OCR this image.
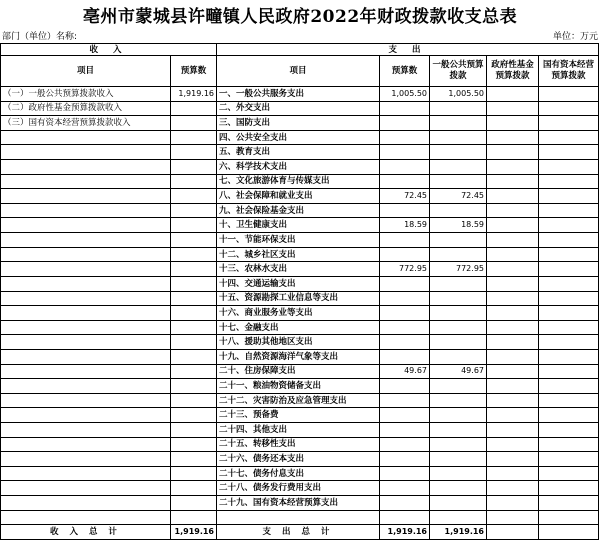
亳州市蒙城县许疃镇人民政府2022年财政拨款收支总表
部门（单位）名称:	单位：万元
收 入		支 出				
项目	预算数	项目	预算数	一般公共预算拨款	政府性基金预算拨款	国有资本经营预算拨款
（一）一般公共预算拨款收入	1,919.16	一、一般公共服务支出	1,005.50	1,005.50		
（二）政府性基金预算拨款收入		二、外交支出				
（三）国有资本经营预算拨款收入		三、国防支出				
		四、公共安全支出				
		五、教育支出				
		六、科学技术支出				
		七、文化旅游体育与传媒支出				
		八、社会保障和就业支出	72.45	72.45		
		九、社会保险基金支出				
		十、卫生健康支出	18.59	18.59		
		十一、节能环保支出				
		十二、城乡社区支出				
		十三、农林水支出	772.95	772.95		
		十四、交通运输支出				
		十五、资源勘探工业信息等支出				
		十六、商业服务业等支出				
		十七、金融支出				
		十八、援助其他地区支出				
		十九、自然资源海洋气象等支出				
		二十、住房保障支出	49.67	49.67		
		二十一、粮油物资储备支出				
		二十二、灾害防治及应急管理支出				
		二十三、预备费				
		二十四、其他支出				
		二十五、转移性支出				
		二十六、债务还本支出				
		二十七、债务付息支出				
		二十八、债务发行费用支出				
		二十九、国有资本经营预算支出				

收 入 总 计	1,919.16	支 出 总 计	1,919.16	1,919.16		
